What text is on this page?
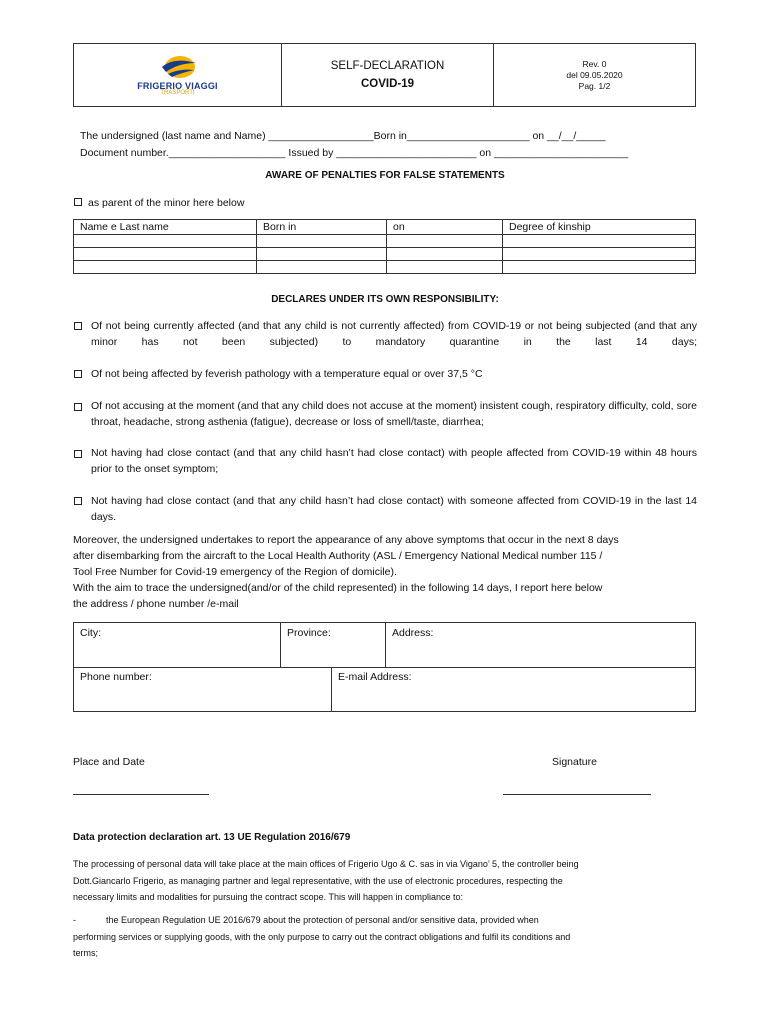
FRIGERIO VIAGGI
TRASPORTI
SELF-DECLARATION
COVID-19
Rev. 0
del 09.05.2020
Pag. 1/2
The undersigned (last name and Name) __________________Born in_____________________ on __/__/_____
Document number.____________________ Issued by ________________________ on _______________________
AWARE OF PENALTIES FOR FALSE STATEMENTS
as parent of the minor here below
Name e Last name	Born in	on	Degree of kinship

DECLARES UNDER ITS OWN RESPONSIBILITY:
Of not being currently affected (and that any child is not currently affected) from COVID-19 or not being subjected (and that any minor has not been subjected) to mandatory quarantine in the last 14 days;
Of not being affected by feverish pathology with a temperature equal or over 37,5 °C
Of not accusing at the moment (and that any child does not accuse at the moment) insistent cough, respiratory difficulty, cold, sore throat, headache, strong asthenia (fatigue), decrease or loss of smell/taste, diarrhea;
Not having had close contact (and that any child hasn’t had close contact) with people affected from COVID-19 within 48 hours prior to the onset symptom;
Not having had close contact (and that any child hasn’t had close contact) with someone affected from COVID-19 in the last 14 days.
Moreover, the undersigned undertakes to report the appearance of any above symptoms that occur in the next 8 days
after disembarking from the aircraft to the Local Health Authority (ASL / Emergency National Medical number 115 /
Tool Free Number for Covid-19 emergency of the Region of domicile).
With the aim to trace the undersigned(and/or of the child represented) in the following 14 days, I report here below
the address / phone number /e-mail
City:	Province:	Address:
Phone number:	E-mail Address:
Place and Date	Signature
Data protection declaration art. 13 UE Regulation 2016/679
The processing of personal data will take place at the main offices of Frigerio Ugo & C. sas in via Vigano’ 5, the controller being
Dott.Giancarlo Frigerio, as managing partner and legal representative, with the use of electronic procedures, respecting the
necessary limits and modalities for pursuing the contract scope. This will happen in compliance to:
-	the European Regulation UE 2016/679 about the protection of personal and/or sensitive data, provided when
performing services or supplying goods, with the only purpose to carry out the contract obligations and fulfil its conditions and
terms;
